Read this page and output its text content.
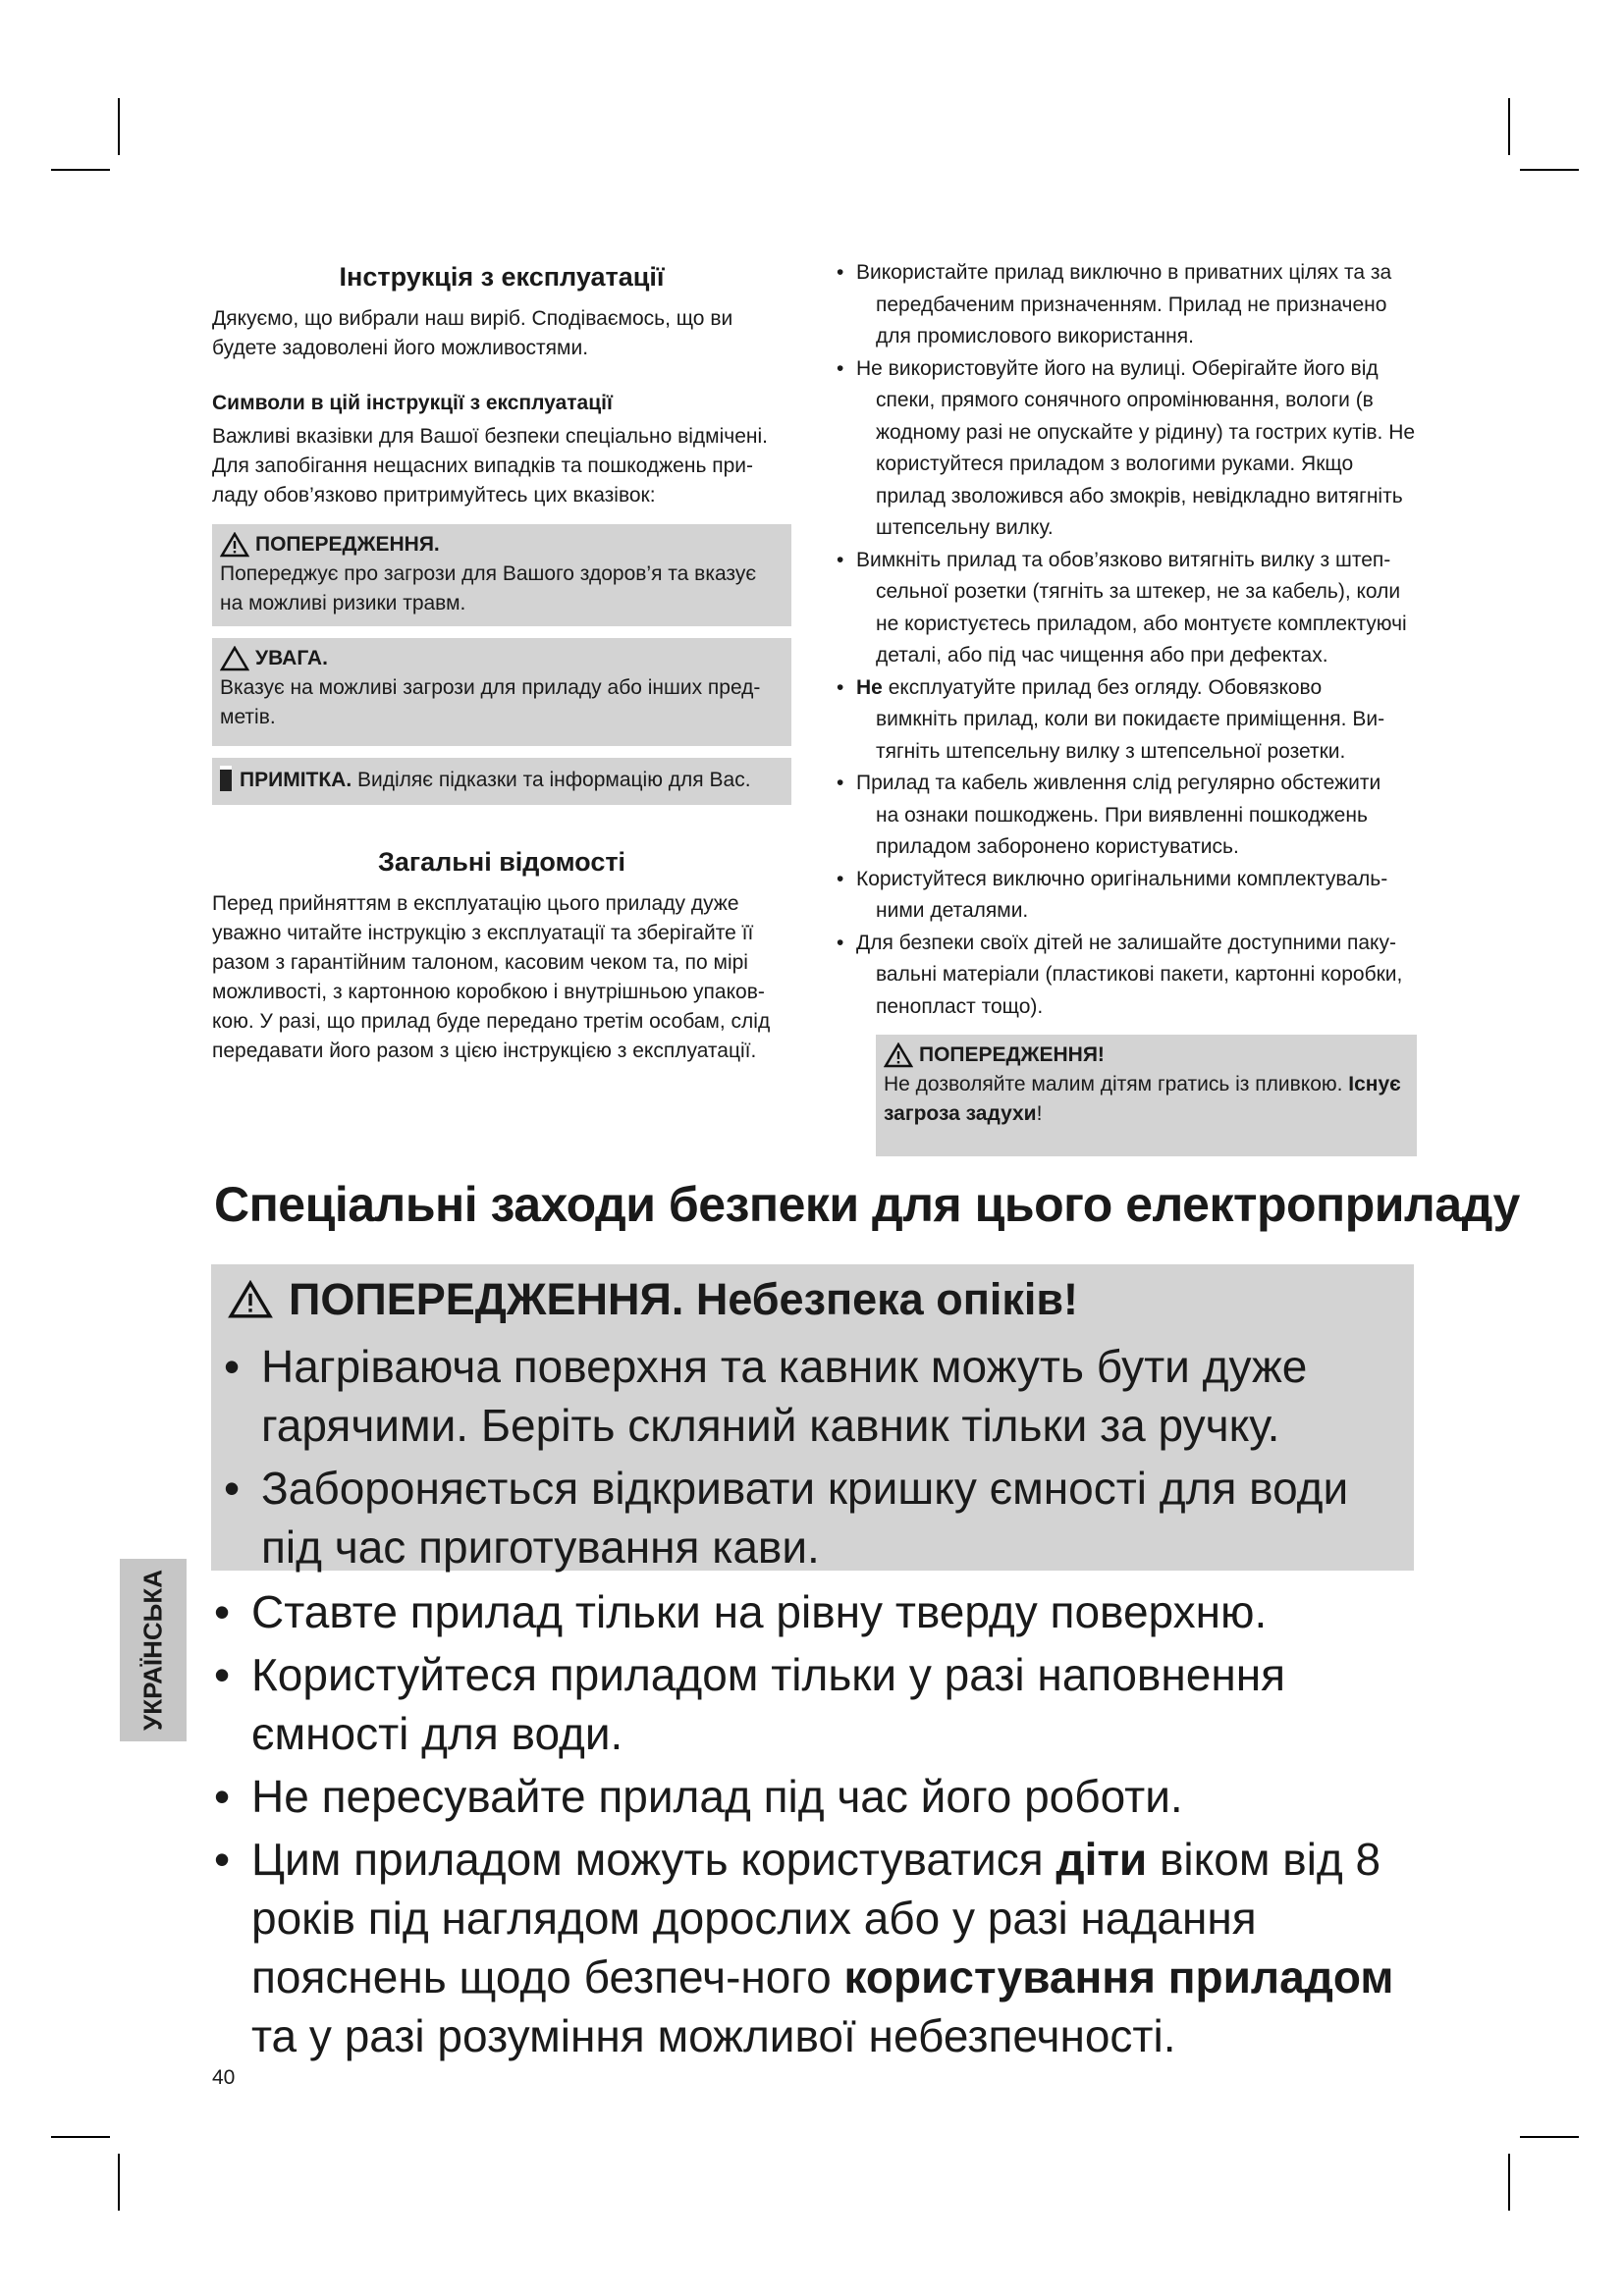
Інструкція з експлуатації

Дякуємо, що вибрали наш виріб. Сподіваємось, що ви будете задоволені його можливостями.

Символи в цій інструкції з експлуатації

Важливі вказівки для Вашої безпеки спеціально відмічені. Для запобігання нещасних випадків та пошкоджень при-ладу обов’язково притримуйтесь цих вказівок:

ПОПЕРЕДЖЕННЯ.
Попереджує про загрози для Вашого здоров’я та вказує на можливі ризики травм.
УВАГА.
Вказує на можливі загрози для приладу або інших пред-метів.
ПРИМІТКА. Виділяє підказки та інформацію для Вас.
Загальні відомості

Перед прийняттям в експлуатацію цього приладу дуже уважно читайте інструкцію з експлуатації та зберігайте її разом з гарантійним талоном, касовим чеком та, по мірі можливості, з картонною коробкою і внутрішньою упаков-кою. У разі, що прилад буде передано третім особам, слід передавати його разом з цією інструкцією з експлуатації.

• Використайте прилад виключно в приватних цілях та за
передбаченим призначенням. Прилад не призначено для промислового використання.
• Не використовуйте його на вулиці. Оберігайте його від
спеки, прямого сонячного опромінювання, вологи (в жодному разі не опускайте у рідину) та гострих кутів. Не користуйтеся приладом з вологими руками. Якщо прилад зволожився або змокрів, невідкладно витягніть штепсельну вилку.
• Вимкніть прилад та обов’язково витягніть вилку з штеп-
сельної розетки (тягніть за штекер, не за кабель), коли не користуєтесь приладом, або монтуєте комплектуючі деталі, або під час чищення або при дефектах.
• Не експлуатуйте прилад без огляду. Обовязково
вимкніть прилад, коли ви покидаєте приміщення. Ви-тягніть штепсельну вилку з штепсельної розетки.
• Прилад та кабель живлення слід регулярно обстежити
на ознаки пошкоджень. При виявленні пошкоджень приладом заборонено користуватись.
• Користуйтеся виключно оригінальними комплектуваль-
ними деталями.
• Для безпеки своїх дітей не залишайте доступними паку-
вальні матеріали (пластикові пакети, картонні коробки, пенопласт тощо).
ПОПЕРЕДЖЕННЯ!
Не дозволяйте малим дітям гратись із пливкою. Існує загроза задухи!
Спеціальні заходи безпеки для цього електроприладу
ПОПЕРЕДЖЕННЯ. Небезпека опіків!
• Нагріваюча поверхня та кавник можуть бути дуже гарячими. Беріть скляний кавник тільки за ручку.
• Забороняється відкривати кришку ємності для води під час приготування кави.
• Ставте прилад тільки на рівну тверду поверхню.
• Користуйтеся приладом тільки у разі наповнення ємності для води.
• Не пересувайте прилад під час його роботи.
• Цим приладом можуть користуватися діти віком від 8 років під наглядом дорослих або у разі надання пояснень щодо безпеч-ного користування приладом та у разі розуміння можливої небезпечності.
УКРАЇНСЬКА
40
